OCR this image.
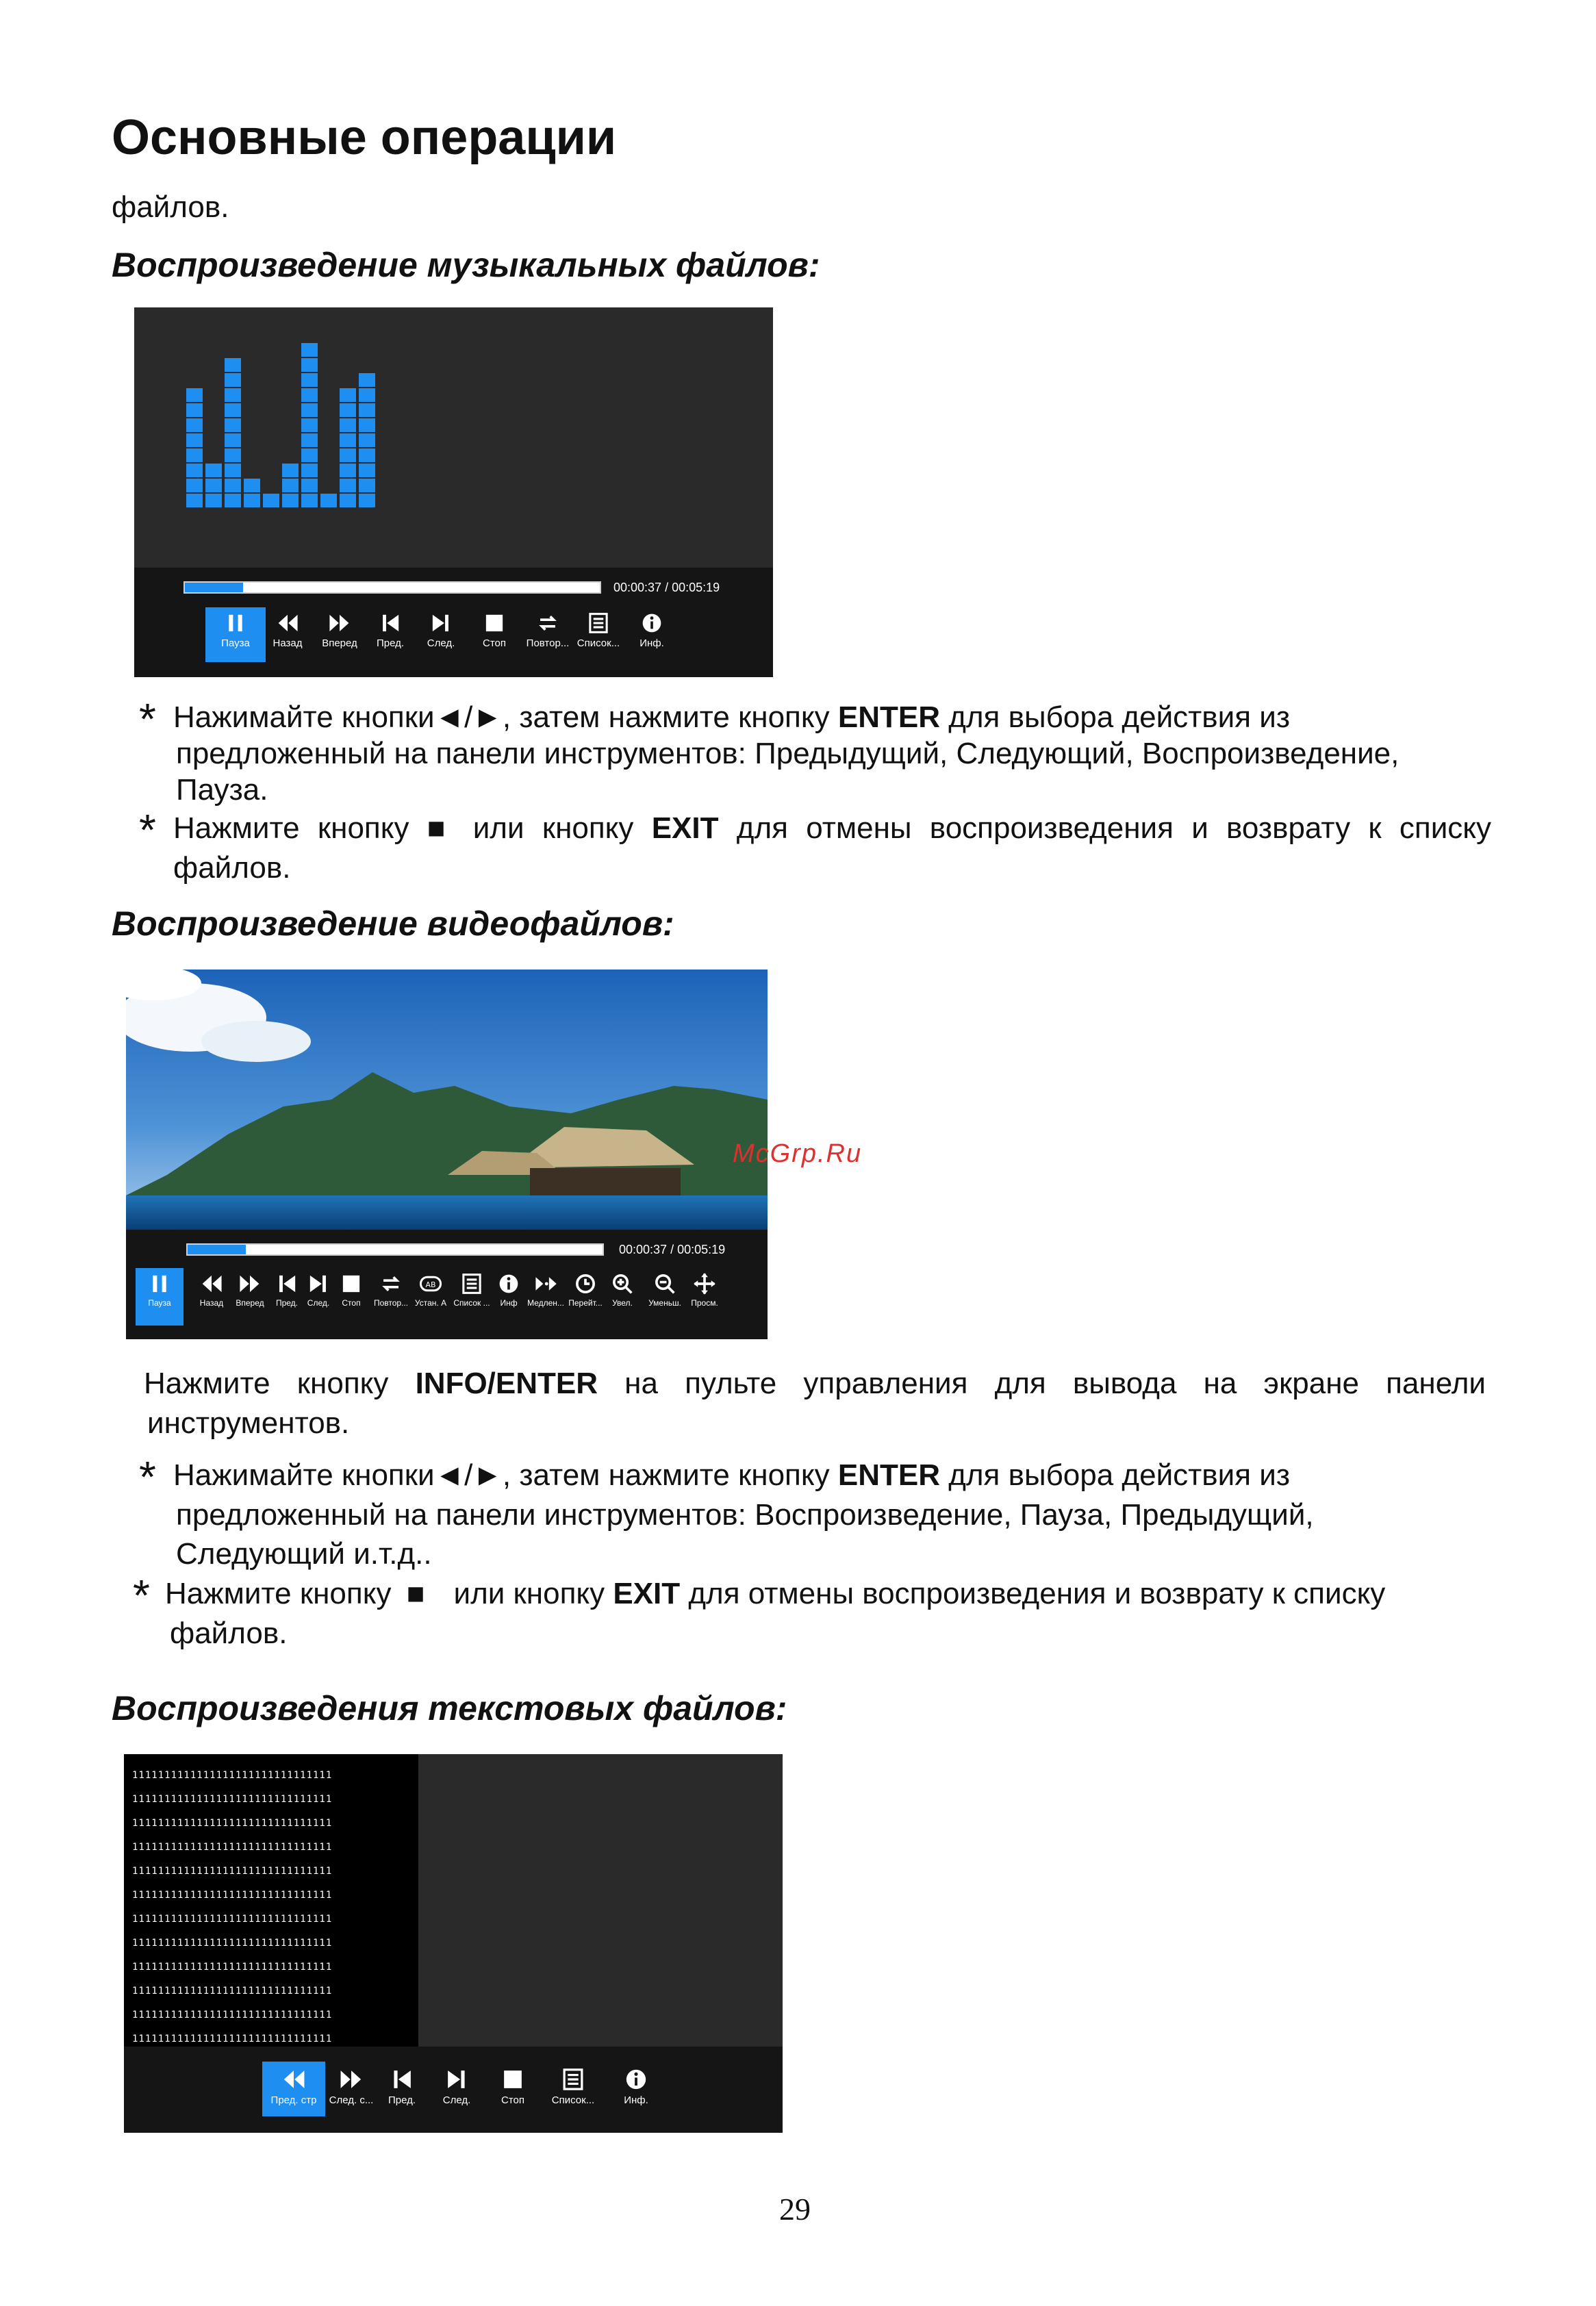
Основные операции
файлов.
Воспроизведение музыкальных файлов:
00:00:37 / 00:05:19
Пауза	Назад	Вперед	Пред.	След.	Стоп	Повтор... Список...	Инф.
* Нажимайте кнопки◄/►, затем нажмите кнопку ENTER для выбора действия из
предложенный на панели инструментов: Предыдущий, Следующий, Воспроизведение,
Пауза.
* Нажмите кнопку ■ или кнопку EXIT для отмены воспроизведения и возврату к списку
файлов.
Воспроизведение видеофайлов:
00:00:37 / 00:05:19
Пауза	Назад	Вперед	Пред.	След.	Стоп	Повтор...
AB
Устан. А Список ...	Инф	Медлен... Перейт...	Увел.	Уменьш.	Просм.
McGrp.Ru
Нажмите кнопку INFO/ENTER на пульте управления для вывода на экране панели
инструментов.
* Нажимайте кнопки◄/►, затем нажмите кнопку ENTER для выбора действия из
предложенный на панели инструментов: Воспроизведение, Пауза, Предыдущий,
Следующий и.т.д..
* Нажмите кнопку ■ или кнопку EXIT для отмены воспроизведения и возврату к списку
файлов.
Воспроизведения текстовых файлов:
1111111111111111111111111111111
1111111111111111111111111111111
1111111111111111111111111111111
1111111111111111111111111111111
1111111111111111111111111111111
1111111111111111111111111111111
1111111111111111111111111111111
1111111111111111111111111111111
1111111111111111111111111111111
1111111111111111111111111111111
1111111111111111111111111111111
1111111111111111111111111111111
Пред. стр	След. с...	Пред.	След.	Стоп	Список...	Инф.
29
